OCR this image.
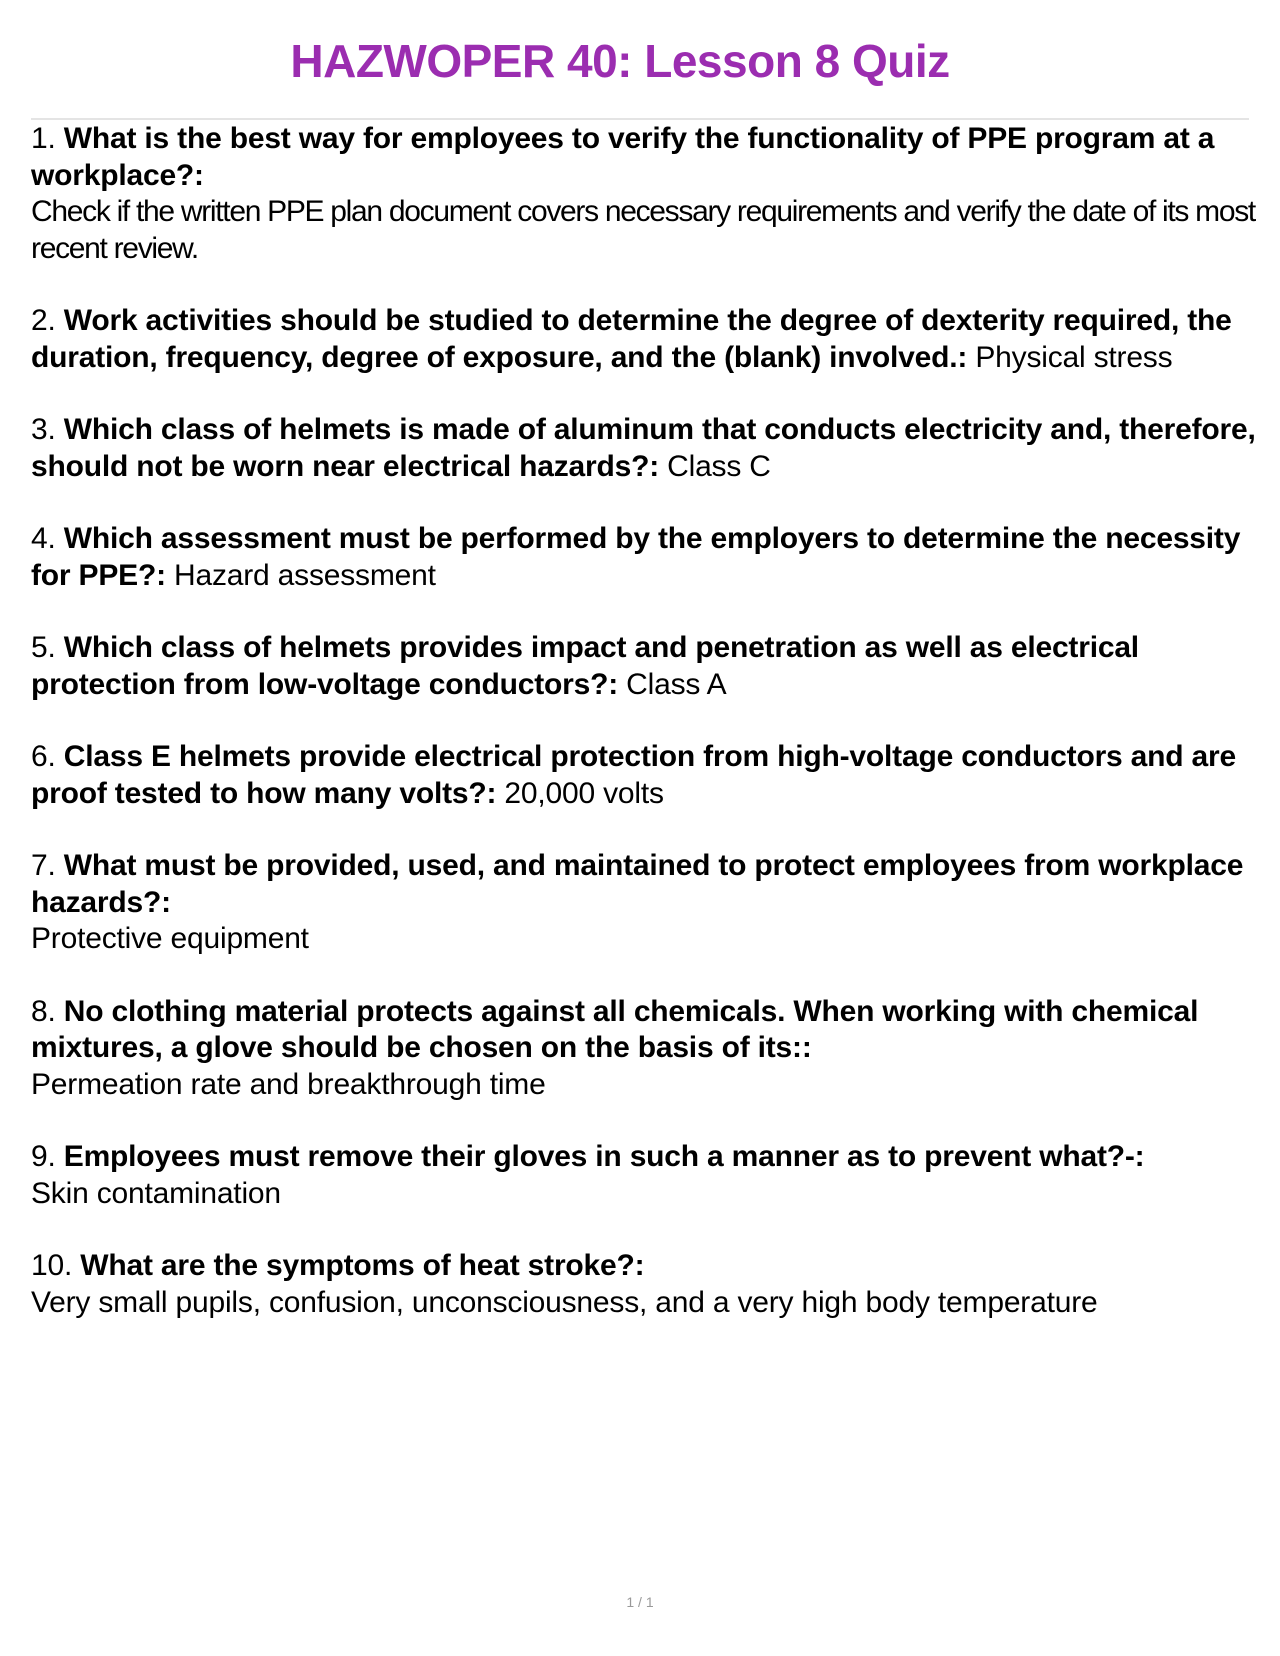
HAZWOPER 40: Lesson 8 Quiz
1. What is the best way for employees to verify the functionality of PPE program at a workplace?:
Check if the written PPE plan document covers necessary requirements and verify the date of its most recent review.
2. Work activities should be studied to determine the degree of dexterity required, the duration, frequency, degree of exposure, and the (blank) involved.: Physical stress
3. Which class of helmets is made of aluminum that conducts electricity and, therefore, should not be worn near electrical hazards?: Class C
4. Which assessment must be performed by the employers to determine the necessity for PPE?: Hazard assessment
5. Which class of helmets provides impact and penetration as well as electrical protection from low-voltage conductors?: Class A
6. Class E helmets provide electrical protection from high-voltage conductors and are proof tested to how many volts?: 20,000 volts
7. What must be provided, used, and maintained to protect employees from workplace hazards?:
Protective equipment
8. No clothing material protects against all chemicals. When working with chemical mixtures, a glove should be chosen on the basis of its::
Permeation rate and breakthrough time
9. Employees must remove their gloves in such a manner as to prevent what?-:
Skin contamination
10. What are the symptoms of heat stroke?:
Very small pupils, confusion, unconsciousness, and a very high body temperature
1 / 1
